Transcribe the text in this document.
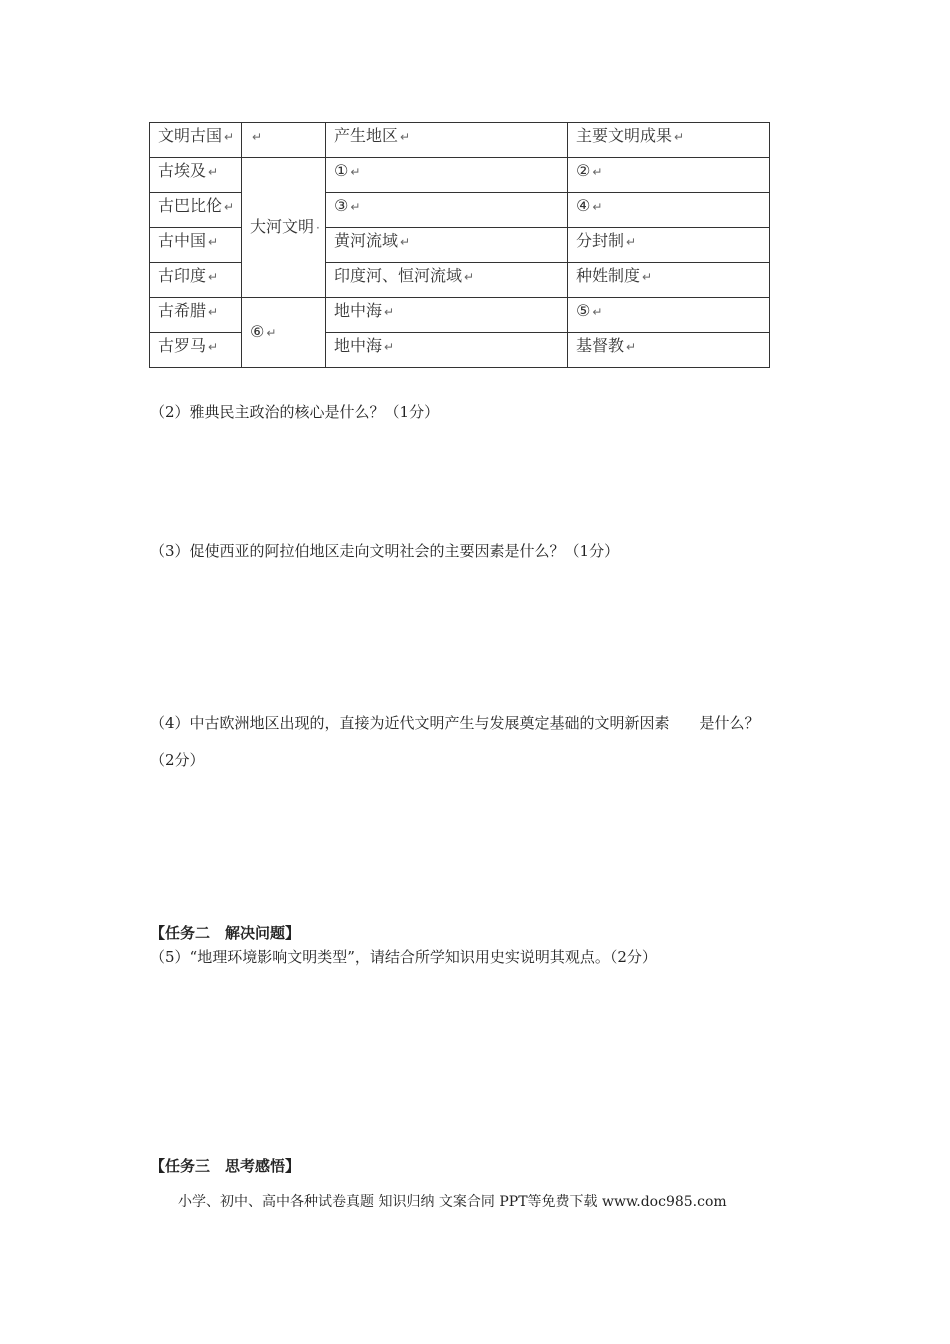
文明古国 ↵	↵	产生地区 ↵	主要文明成果 ↵
古埃及 ↵	大河文明 ·	① ↵	② ↵
古巴比伦 ↵		③ ↵	④ ↵
古中国 ↵		黄河流域 ↵	分封制 ↵
古印度 ↵		印度河、恒河流域 ↵	种姓制度 ↵
古希腊 ↵	⑥ ↵	地中海 ↵	⑤ ↵
古罗马 ↵		地中海 ↵	基督教 ↵

（2）雅典民主政治的核心是什么？（1分）

（3）促使西亚的阿拉伯地区走向文明社会的主要因素是什么？（1分）

（4）中古欧洲地区出现的，直接为近代文明产生与发展奠定基础的文明新因素　　是什么？

（2分）

【任务二　解决问题】

（5）“地理环境影响文明类型”，请结合所学知识用史实说明其观点。（2分）

【任务三　思考感悟】

小学、初中、高中各种试卷真题 知识归纳 文案合同 PPT等免费下载 www.doc985.com
